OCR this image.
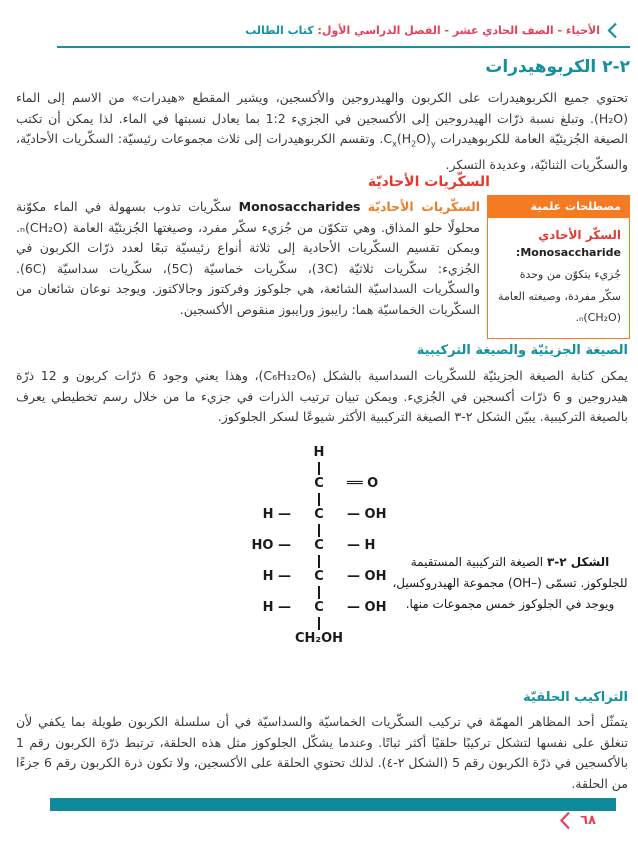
الأحياء - الصف الحادي عشر - الفصل الدراسي الأول: كتاب الطالب
٢-٢ الكربوهيدرات

تحتوي جميع الكربوهيدرات على الكربون والهيدروجين والأكسجين، ويشير المقطع «هيدرات» من الاسم إلى الماء (H₂O). وتبلغ نسبة ذرّات الهيدروجين إلى الأكسجين في الجزيء 1:2 بما يعادل نسبتها في الماء. لذا يمكن أن تكتب الصيغة الجُزيئيّة العامة للكربوهيدرات $C_x(H_2O)_y$. وتقسم الكربوهيدرات إلى ثلاث مجموعات رئيسيّة: السكّريات الأحاديّة، والسكّريات الثنائيّة، وعديدة التسكر.

السكّريات الأحاديّة
مصطلحات علمية
السكّر الأحادي
Monosaccharide:
جُزيء يتكوّن من وحدة سكّر مفردة، وصيغته العامة (CH₂O)ₙ.

السكّريات الأحاديّة Monosaccharides سكّريات تذوب بسهولة في الماء مكوّنة محلولًا حلو المذاق. وهي تتكوّن من جُزيء سكّر مفرد، وصيغتها الجُزيئيّة العامة (CH₂O)ₙ. ويمكن تقسيم السكّريات الأحادية إلى ثلاثة أنواع رئيسيّة تبعًا لعدد ذرّات الكربون في الجُزيء: سكّريات ثلاثيّة (3C)، سكّريات خماسيّة (5C)، سكّريات سداسيّة (6C). والسكّريات السداسيّة الشائعة، هي جلوكوز وفركتوز وجالاكتوز. ويوجد نوعان شائعان من السكّريات الخماسيّة هما: رايبوز ورايبوز منقوص الأكسجين.

الصيغة الجزيئيّة والصيغة التركيبية

يمكن كتابة الصيغة الجزيئيّة للسكّريات السداسية بالشكل (C₆H₁₂O₆)، وهذا يعني وجود 6 ذرّات كربون و 12 ذرّة هيدروجين و 6 ذرّات أكسجين في الجُزيء. ويمكن تبيان ترتيب الذرات في جزيء ما من خلال رسم تخطيطي يعرف بالصيغة التركيبية. يبيّن الشكل ٢-٣ الصيغة التركيبية الأكثر شيوعًا لسكر الجلوكوز.

H
C	══ O
H —	C	— OH
HO —	C	— H
H —	C	— OH
H —	C	— OH
CH₂OH
الشكل ٢-٣ الصيغة التركيبية المستقيمة للجلوكوز. تسمّى (OH–) مجموعة الهيدروكسيل، ويوجد في الجلوكوز خمس مجموعات منها.
التراكيب الحلقيّة

يتمثّل أحد المظاهر المهمّة في تركيب السكّريات الخماسيّة والسداسيّة في أن سلسلة الكربون طويلة بما يكفي لأن تنغلق على نفسها لتشكل تركيبًا حلقيًا أكثر ثباتًا. وعندما يشكّل الجلوكوز مثل هذه الحلقة، ترتبط ذرّة الكربون رقم 1 بالأكسجين في ذرّة الكربون رقم 5 (الشكل ٢-٤). لذلك تحتوي الحلقة على الأكسجين، ولا تكون ذرة الكربون رقم 6 جزءًا من الحلقة.

٦٨
